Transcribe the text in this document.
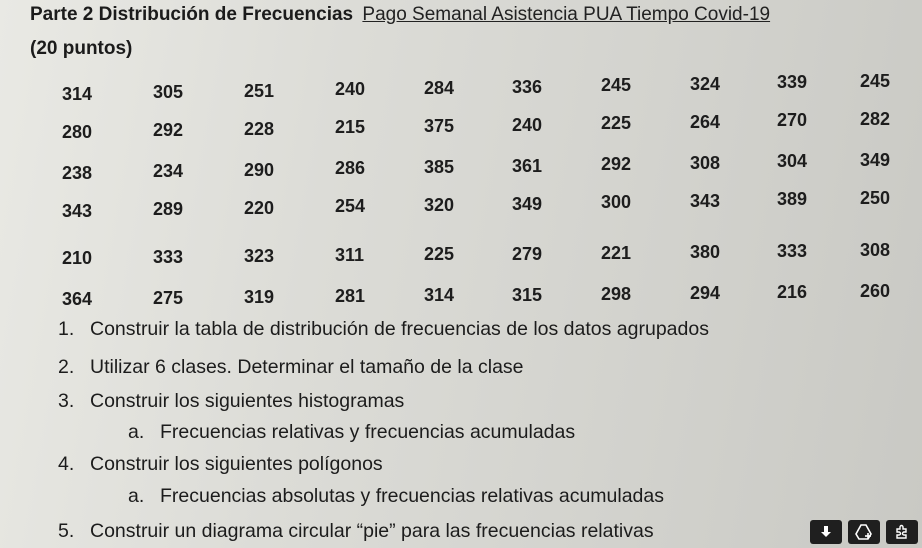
Parte 2 Distribución de Frecuencias Pago Semanal Asistencia PUA Tiempo Covid-19
(20 puntos)
314	305	251	240	284	336	245	324	339	245
280	292	228	215	375	240	225	264	270	282
238	234	290	286	385	361	292	308	304	349
343	289	220	254	320	349	300	343	389	250
210	333	323	311	225	279	221	380	333	308
364	275	319	281	314	315	298	294	216	260
1. Construir la tabla de distribución de frecuencias de los datos agrupados
2. Utilizar 6 clases. Determinar el tamaño de la clase
3. Construir los siguientes histogramas
a. Frecuencias relativas y frecuencias acumuladas
4. Construir los siguientes polígonos
a. Frecuencias absolutas y frecuencias relativas acumuladas
5. Construir un diagrama circular “pie” para las frecuencias relativas
